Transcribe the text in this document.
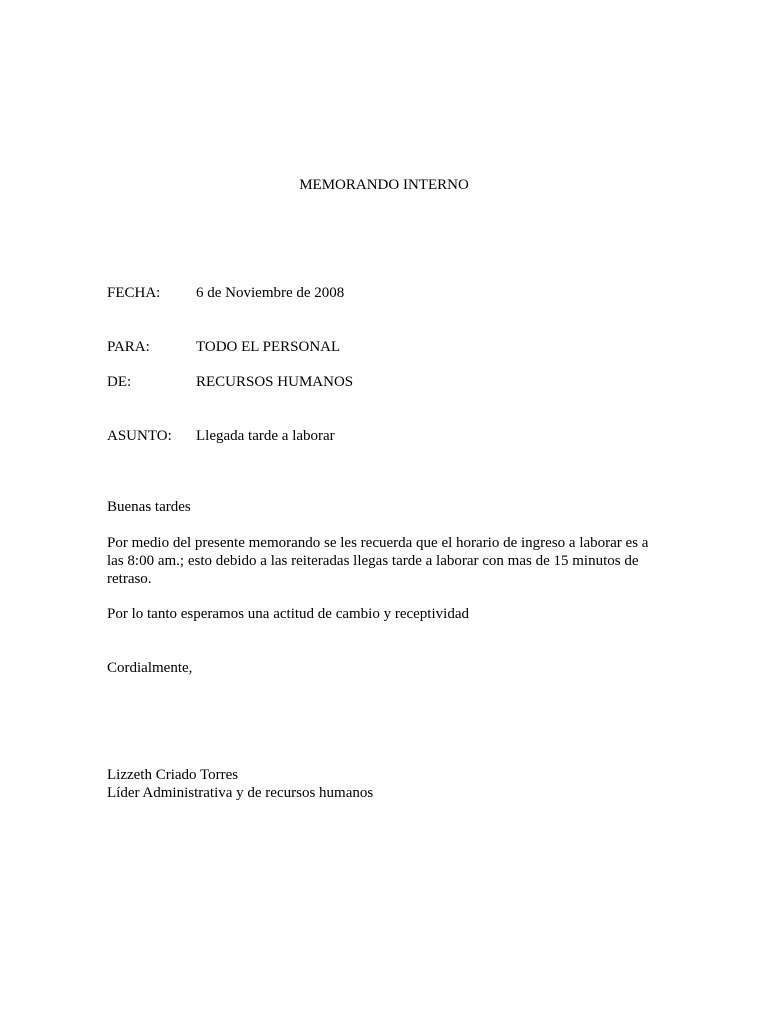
MEMORANDO INTERNO
FECHA: 6 de Noviembre de 2008
PARA:	TODO EL PERSONAL
DE:	RECURSOS HUMANOS
ASUNTO: Llegada tarde a laborar
Buenas tardes

Por medio del presente memorando se les recuerda que el horario de ingreso a laborar es a las 8:00 am.; esto debido a las reiteradas llegas tarde a laborar con mas de 15 minutos de retraso.

Por lo tanto esperamos una actitud de cambio y receptividad

Cordialmente,
Lizzeth Criado Torres
Líder Administrativa y de recursos humanos
